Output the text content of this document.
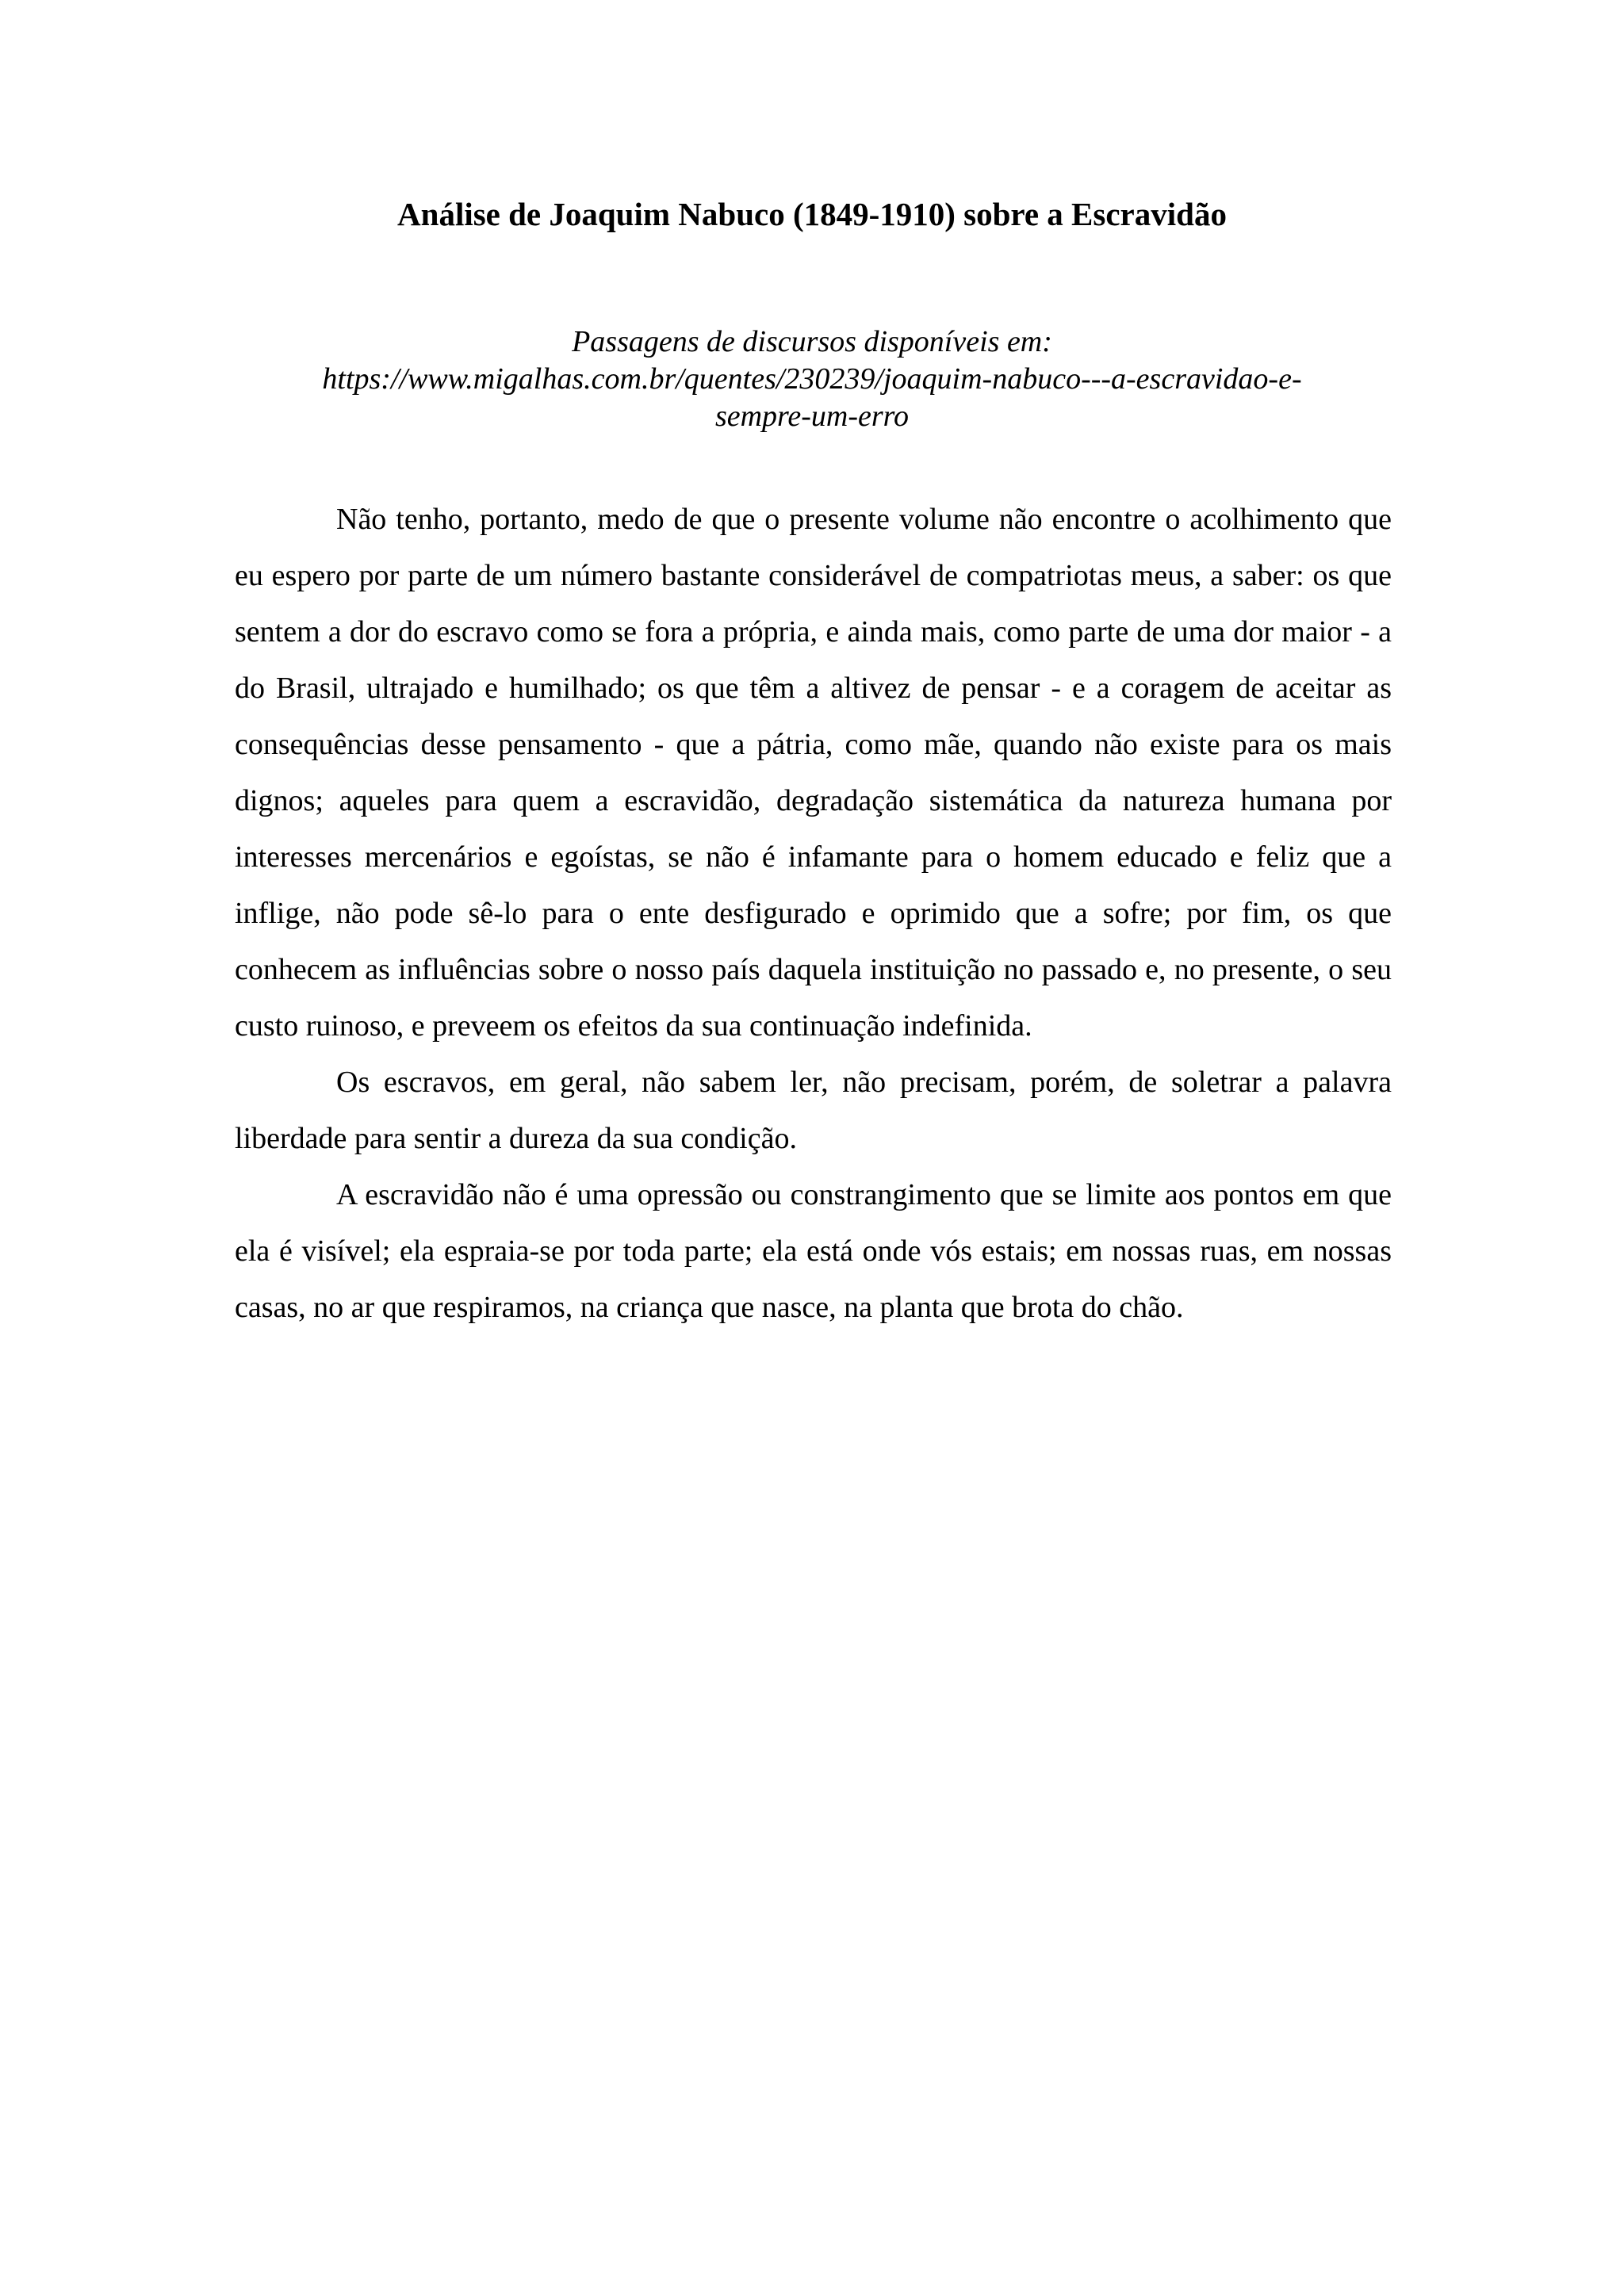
Análise de Joaquim Nabuco (1849-1910) sobre a Escravidão
Passagens de discursos disponíveis em:
https://www.migalhas.com.br/quentes/230239/joaquim-nabuco---a-escravidao-e-
sempre-um-erro

Não tenho, portanto, medo de que o presente volume não encontre o acolhimento que eu espero por parte de um número bastante considerável de compatriotas meus, a saber: os que sentem a dor do escravo como se fora a própria, e ainda mais, como parte de uma dor maior - a do Brasil, ultrajado e humilhado; os que têm a altivez de pensar - e a coragem de aceitar as consequências desse pensamento - que a pátria, como mãe, quando não existe para os mais dignos; aqueles para quem a escravidão, degradação sistemática da natureza humana por interesses mercenários e egoístas, se não é infamante para o homem educado e feliz que a inflige, não pode sê-lo para o ente desfigurado e oprimido que a sofre; por fim, os que conhecem as influências sobre o nosso país daquela instituição no passado e, no presente, o seu custo ruinoso, e preveem os efeitos da sua continuação indefinida.

Os escravos, em geral, não sabem ler, não precisam, porém, de soletrar a palavra liberdade para sentir a dureza da sua condição.

A escravidão não é uma opressão ou constrangimento que se limite aos pontos em que ela é visível; ela espraia-se por toda parte; ela está onde vós estais; em nossas ruas, em nossas casas, no ar que respiramos, na criança que nasce, na planta que brota do chão.
